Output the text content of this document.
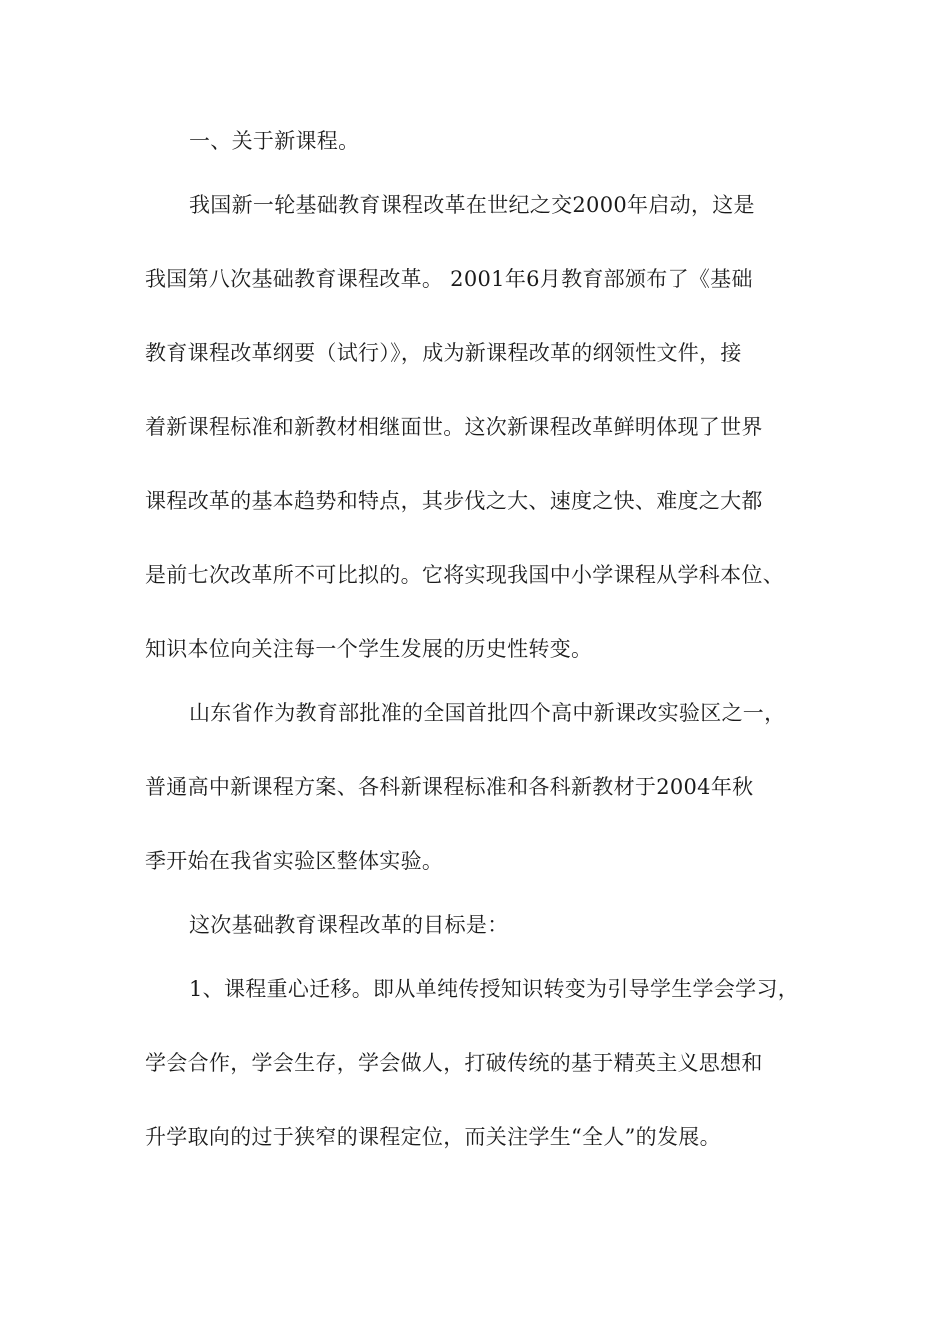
一、关于新课程。
我国新一轮基础教育课程改革在世纪之交2000年启动，这是
我国第八次基础教育课程改革。 2001年6月教育部颁布了《基础
教育课程改革纲要（试行）》，成为新课程改革的纲领性文件，接
着新课程标准和新教材相继面世。这次新课程改革鲜明体现了世界
课程改革的基本趋势和特点，其步伐之大、速度之快、难度之大都
是前七次改革所不可比拟的。它将实现我国中小学课程从学科本位、
知识本位向关注每一个学生发展的历史性转变。
山东省作为教育部批准的全国首批四个高中新课改实验区之一，
普通高中新课程方案、各科新课程标准和各科新教材于2004年秋
季开始在我省实验区整体实验。
这次基础教育课程改革的目标是：
1、课程重心迁移。即从单纯传授知识转变为引导学生学会学习，
学会合作，学会生存，学会做人，打破传统的基于精英主义思想和
升学取向的过于狭窄的课程定位，而关注学生“全人”的发展。
